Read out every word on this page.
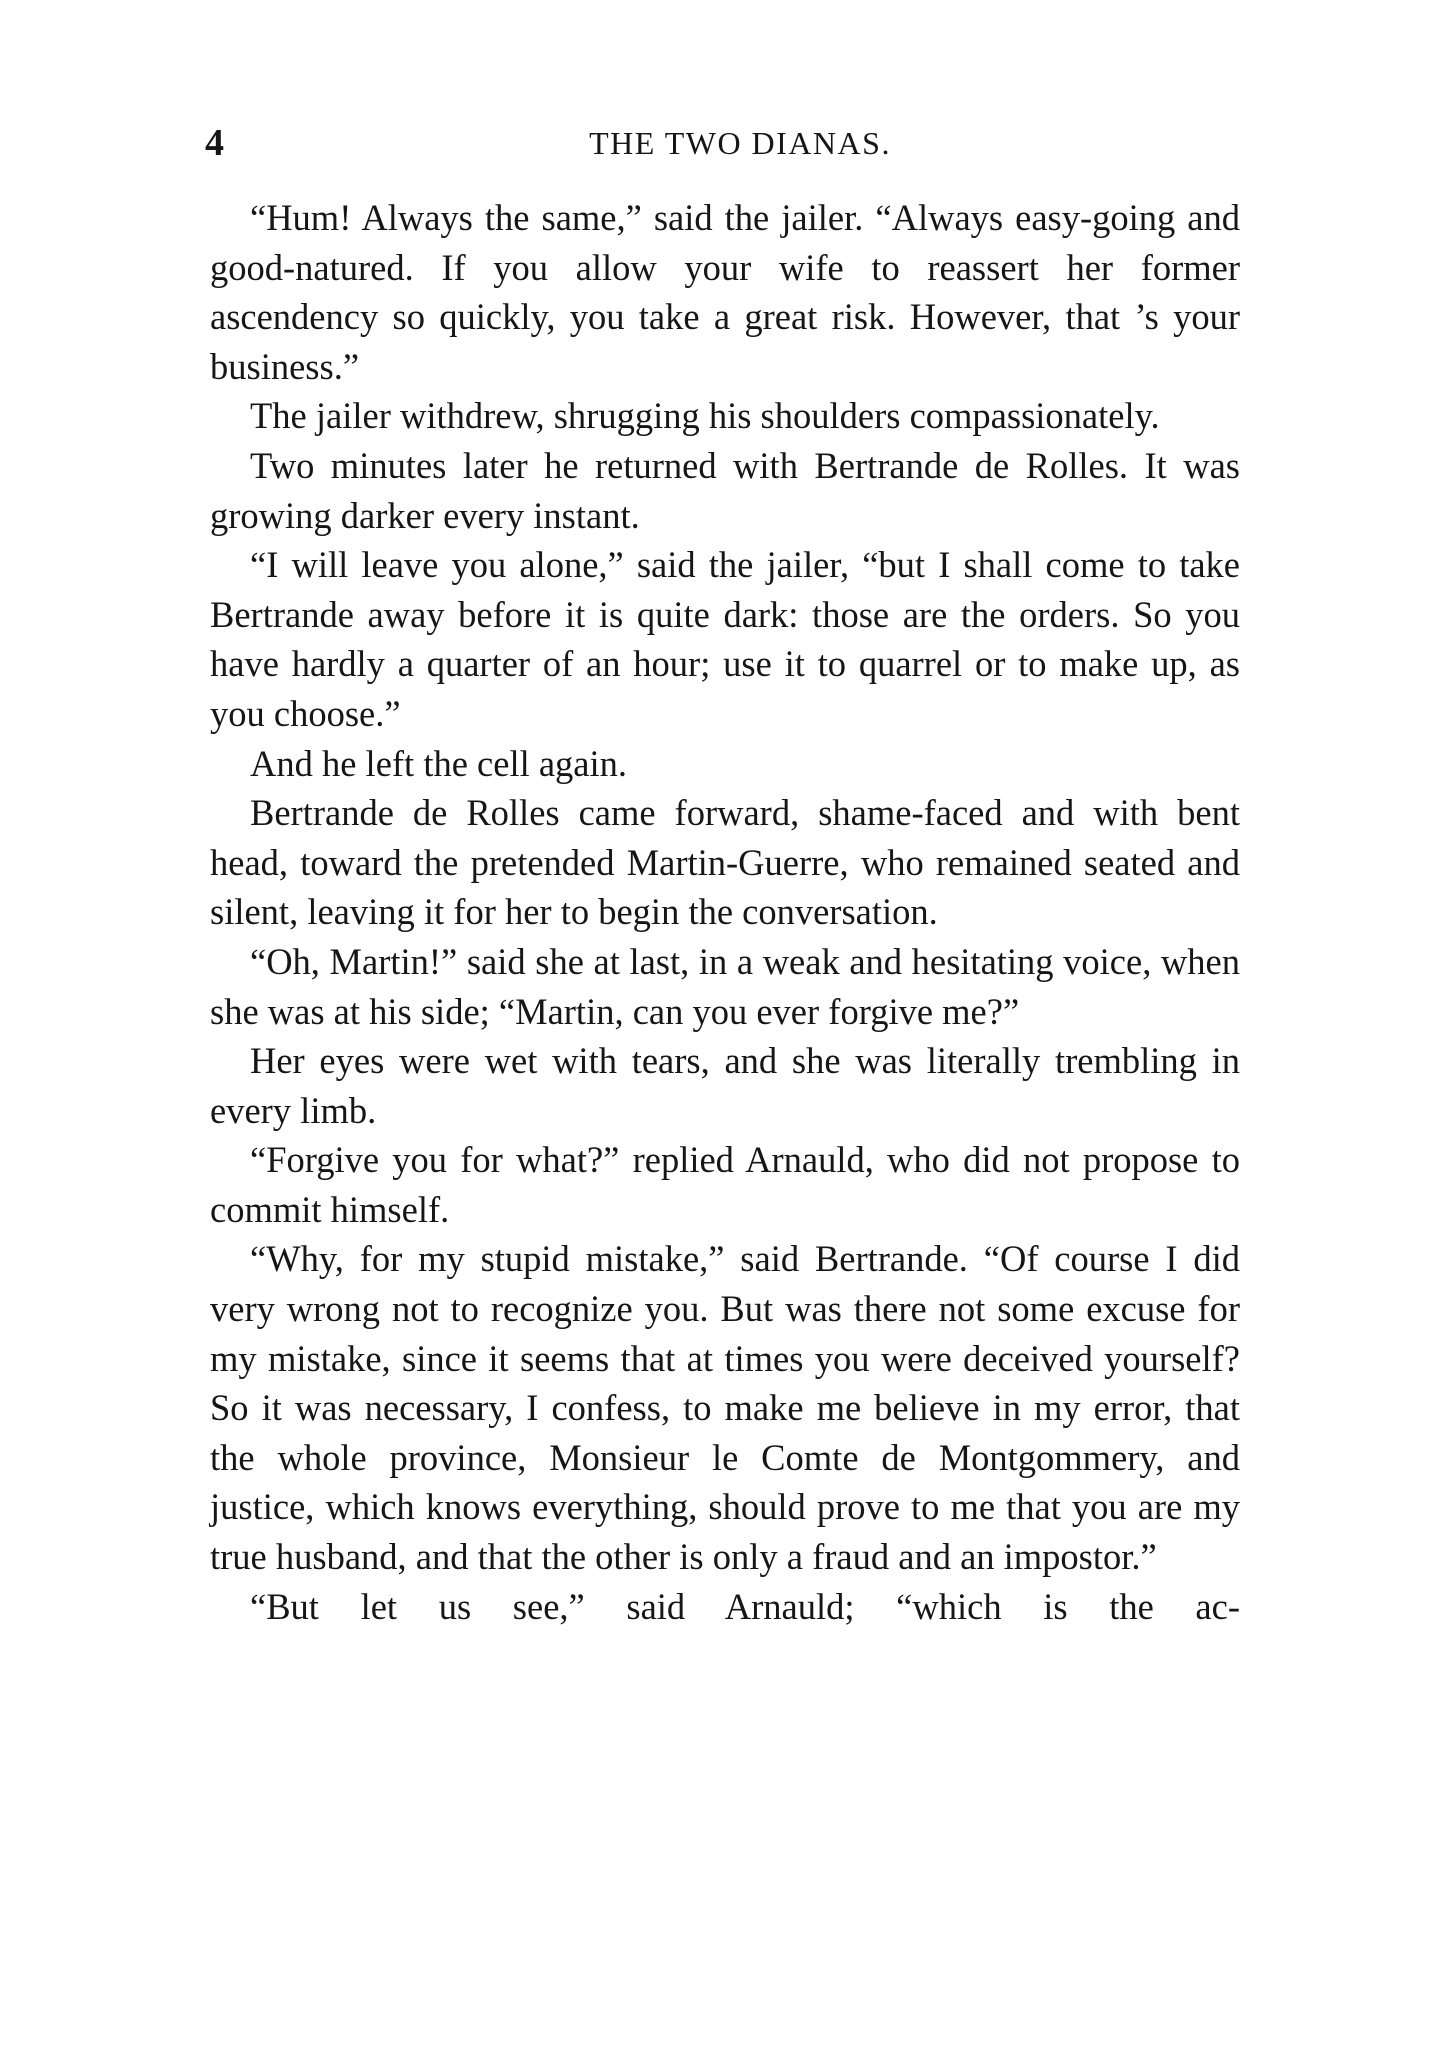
4	THE TWO DIANAS.

“Hum! Always the same,” said the jailer. “Always easy-going and good-natured. If you allow your wife to reassert her former ascendency so quickly, you take a great risk. However, that ’s your business.”

The jailer withdrew, shrugging his shoulders compassionately.

Two minutes later he returned with Bertrande de Rolles. It was growing darker every instant.

“I will leave you alone,” said the jailer, “but I shall come to take Bertrande away before it is quite dark: those are the orders. So you have hardly a quarter of an hour; use it to quarrel or to make up, as you choose.”

And he left the cell again.

Bertrande de Rolles came forward, shame-faced and with bent head, toward the pretended Martin-Guerre, who remained seated and silent, leaving it for her to begin the conversation.

“Oh, Martin!” said she at last, in a weak and hesitating voice, when she was at his side; “Martin, can you ever forgive me?”

Her eyes were wet with tears, and she was literally trembling in every limb.

“Forgive you for what?” replied Arnauld, who did not propose to commit himself.

“Why, for my stupid mistake,” said Bertrande. “Of course I did very wrong not to recognize you. But was there not some excuse for my mistake, since it seems that at times you were deceived yourself? So it was necessary, I confess, to make me believe in my error, that the whole province, Monsieur le Comte de Montgommery, and justice, which knows everything, should prove to me that you are my true husband, and that the other is only a fraud and an impostor.”

“But let us see,” said Arnauld; “which is the ac-
